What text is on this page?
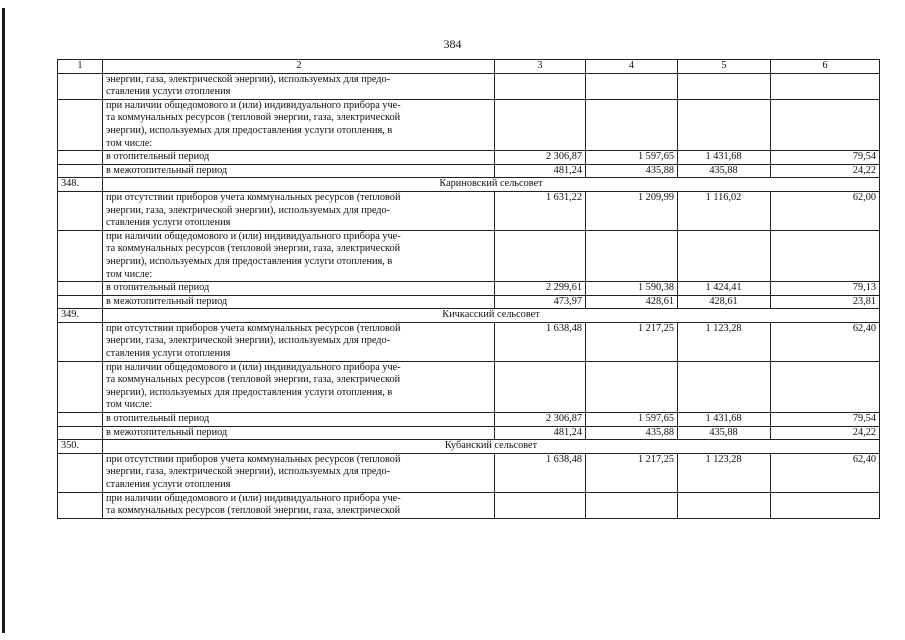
384
1	2	3	4	5	6
	энергии, газа, электрической энергии), используемых для предо-
ставления услуги отопления				
	при наличии общедомового и (или) индивидуального прибора уче-
та коммунальных ресурсов (тепловой энергии, газа, электрической
энергии), используемых для предоставления услуги отопления, в
том числе:				
	в отопительный период	2 306,87	1 597,65	1 431,68	79,54
	в межотопительный период	481,24	435,88	435,88	24,22
348.	Кариновский сельсовет				
	при отсутствии приборов учета коммунальных ресурсов (тепловой
энергии, газа, электрической энергии), используемых для предо-
ставления услуги отопления	1 631,22	1 209,99	1 116,02	62,00
	при наличии общедомового и (или) индивидуального прибора уче-
та коммунальных ресурсов (тепловой энергии, газа, электрической
энергии), используемых для предоставления услуги отопления, в
том числе:				
	в отопительный период	2 299,61	1 590,38	1 424,41	79,13
	в межотопительный период	473,97	428,61	428,61	23,81
349.	Кичкасский сельсовет				
	при отсутствии приборов учета коммунальных ресурсов (тепловой
энергии, газа, электрической энергии), используемых для предо-
ставления услуги отопления	1 638,48	1 217,25	1 123,28	62,40
	при наличии общедомового и (или) индивидуального прибора уче-
та коммунальных ресурсов (тепловой энергии, газа, электрической
энергии), используемых для предоставления услуги отопления, в
том числе:				
	в отопительный период	2 306,87	1 597,65	1 431,68	79,54
	в межотопительный период	481,24	435,88	435,88	24,22
350.	Кубанский сельсовет				
	при отсутствии приборов учета коммунальных ресурсов (тепловой
энергии, газа, электрической энергии), используемых для предо-
ставления услуги отопления	1 638,48	1 217,25	1 123,28	62,40
	при наличии общедомового и (или) индивидуального прибора уче-
та коммунальных ресурсов (тепловой энергии, газа, электрической				
